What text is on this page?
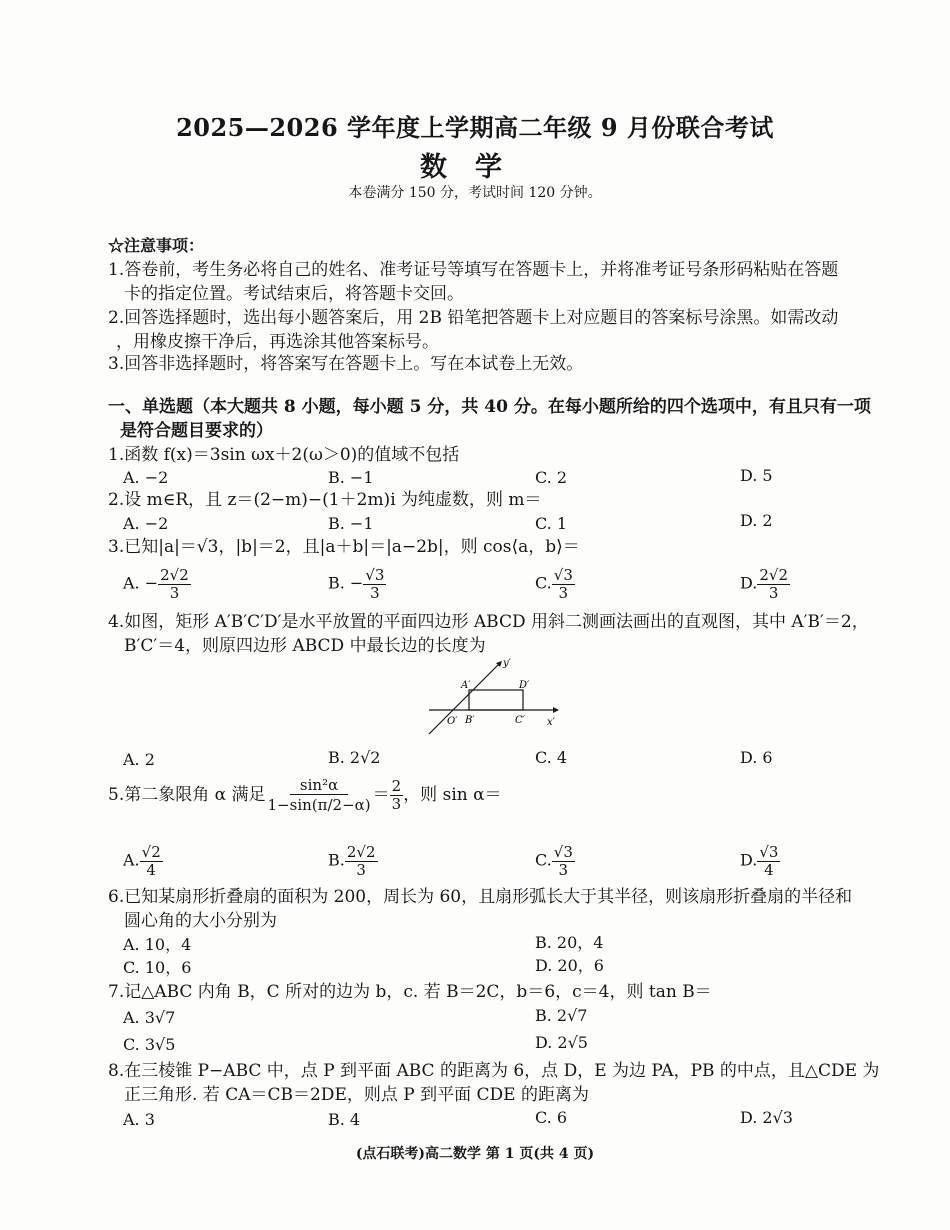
2025—2026 学年度上学期高二年级 9 月份联合考试
数学
本卷满分 150 分，考试时间 120 分钟。
☆注意事项：
1.答卷前，考生务必将自己的姓名、准考证号等填写在答题卡上，并将准考证号条形码粘贴在答题
卡的指定位置。考试结束后，将答题卡交回。
2.回答选择题时，选出每小题答案后，用 2B 铅笔把答题卡上对应题目的答案标号涂黑。如需改动
，用橡皮擦干净后，再选涂其他答案标号。
3.回答非选择题时，将答案写在答题卡上。写在本试卷上无效。
一、单选题（本大题共 8 小题，每小题 5 分，共 40 分。在每小题所给的四个选项中，有且只有一项
是符合题目要求的）
1.函数 f(x)＝3sin ωx＋2(ω＞0)的值域不包括
A. −2	B. −1	C. 2	D. 5
2.设 m∈R，且 z＝(2−m)−(1＋2m)i 为纯虚数，则 m＝
A. −2	B. −1	C. 1	D. 2
3.已知|a|＝√3，|b|＝2，且|a＋b|＝|a−2b|，则 cos⟨a，b⟩＝
A. − $\frac{2√2}{3}$	B. − $\frac{√3}{3}$	C. $\frac{√3}{3}$	D. $\frac{2√2}{3}$
4.如图，矩形 A′B′C′D′是水平放置的平面四边形 ABCD 用斜二测画法画出的直观图，其中 A′B′＝2，
B′C′＝4，则原四边形 ABCD 中最长边的长度为
y′
x′
O′
A′
B′	C′
D′
A. 2	B. 2√2	C. 4	D. 6
5.第二象限角 α 满足 $\frac{\text{sin²α}}{1-\sin(\pi/2-\alpha)} = \frac{2}{3}$ ，则 sin α＝
A. $\frac{√2}{4}$	B. $\frac{2√2}{3}$	C. $\frac{√3}{3}$	D. $\frac{√3}{4}$
6.已知某扇形折叠扇的面积为 200，周长为 60，且扇形弧长大于其半径，则该扇形折叠扇的半径和
圆心角的大小分别为
A. 10，4	B. 20，4
C. 10，6	D. 20，6
7.记△ABC 内角 B，C 所对的边为 b，c. 若 B＝2C，b＝6，c＝4，则 tan B＝
A. 3√7	B. 2√7
C. 3√5	D. 2√5
8.在三棱锥 P−ABC 中，点 P 到平面 ABC 的距离为 6，点 D，E 为边 PA，PB 的中点，且△CDE 为
正三角形. 若 CA＝CB＝2DE，则点 P 到平面 CDE 的距离为
A. 3	B. 4	C. 6	D. 2√3
(点石联考)高二数学 第 1 页(共 4 页)
